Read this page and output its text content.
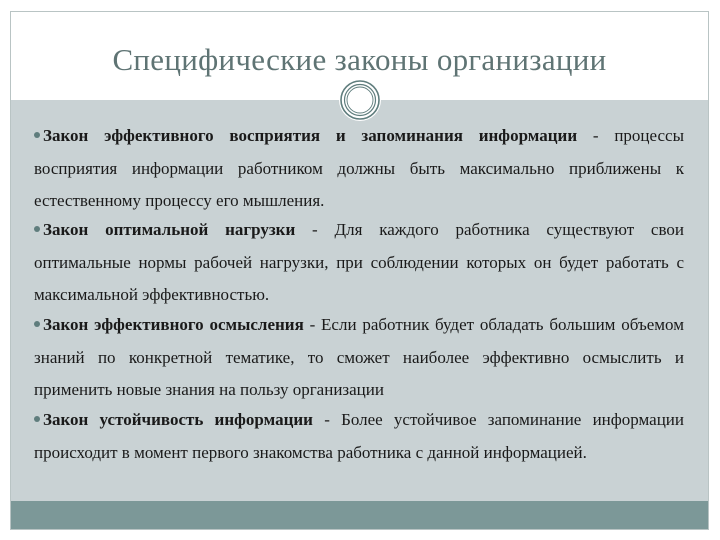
Специфические законы организации
Закон эффективного восприятия и запоминания информации - процессы восприятия информации работником должны быть максимально приближены к естественному процессу его мышления.
Закон оптимальной нагрузки - Для каждого работника существуют свои оптимальные нормы рабочей нагрузки, при соблюдении которых он будет работать с максимальной эффективностью.
Закон эффективного осмысления - Если работник будет обладать большим объемом знаний по конкретной тематике, то сможет наиболее эффективно осмыслить и применить новые знания на пользу организации
Закон устойчивость информации - Более устойчивое запоминание информации происходит в момент первого знакомства работника с данной информацией.
